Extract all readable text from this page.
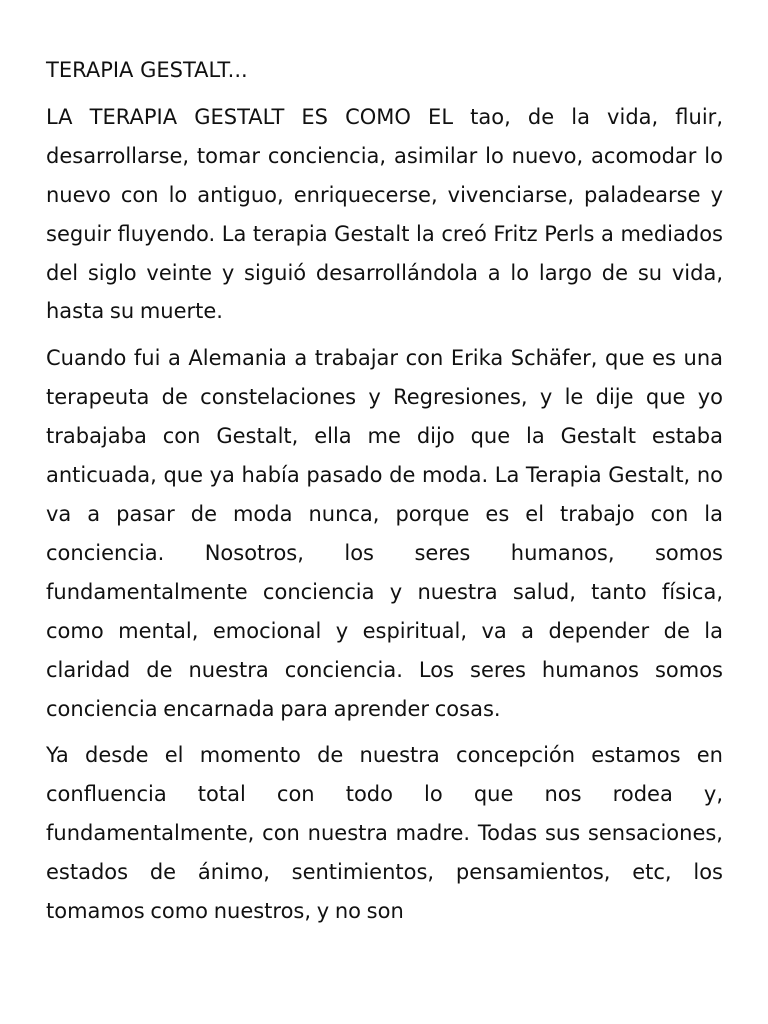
TERAPIA GESTALT...

LA TERAPIA GESTALT ES COMO EL tao, de la vida, fluir, desarrollarse, tomar conciencia, asimilar lo nuevo, acomodar lo nuevo con lo antiguo, enriquecerse, vivenciarse, paladearse y seguir fluyendo. La terapia Gestalt la creó Fritz Perls a mediados del siglo veinte y siguió desarrollándola a lo largo de su vida, hasta su muerte.

Cuando fui a Alemania a trabajar con Erika Schäfer, que es una terapeuta de constelaciones y Regresiones, y le dije que yo trabajaba con Gestalt, ella me dijo que la Gestalt estaba anticuada, que ya había pasado de moda. La Terapia Gestalt, no va a pasar de moda nunca, porque es el trabajo con la conciencia. Nosotros, los seres humanos, somos fundamentalmente conciencia y nuestra salud, tanto física, como mental, emocional y espiritual, va a depender de la claridad de nuestra conciencia. Los seres humanos somos conciencia encarnada para aprender cosas.

Ya desde el momento de nuestra concepción estamos en confluencia total con todo lo que nos rodea y, fundamentalmente, con nuestra madre. Todas sus sensaciones, estados de ánimo, sentimientos, pensamientos, etc, los tomamos como nuestros, y no son
